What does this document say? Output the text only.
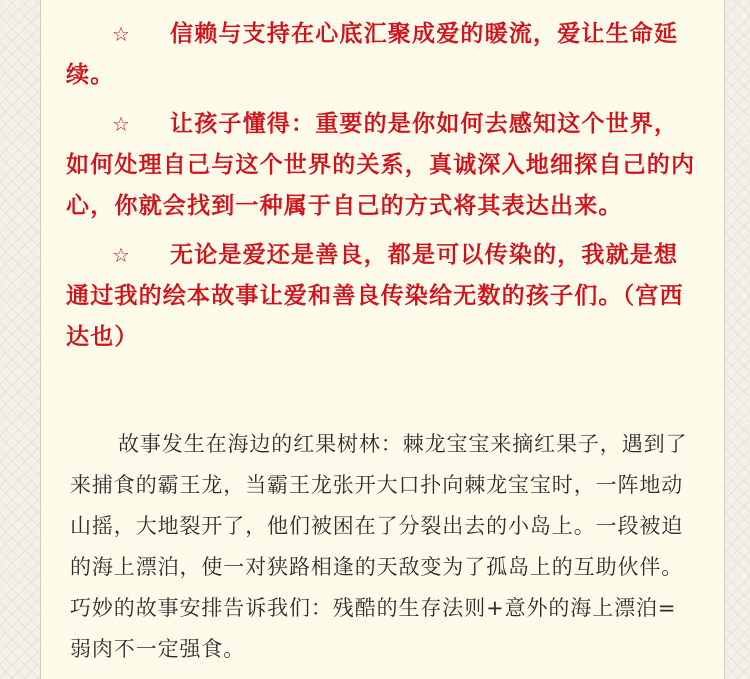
☆ 信赖与支持在心底汇聚成爱的暖流，爱让生命延续。

☆ 让孩子懂得：重要的是你如何去感知这个世界，如何处理自己与这个世界的关系，真诚深入地细探自己的内心，你就会找到一种属于自己的方式将其表达出来。

☆ 无论是爱还是善良，都是可以传染的，我就是想通过我的绘本故事让爱和善良传染给无数的孩子们。（宫西达也）

故事发生在海边的红果树林：棘龙宝宝来摘红果子，遇到了来捕食的霸王龙，当霸王龙张开大口扑向棘龙宝宝时，一阵地动山摇，大地裂开了，他们被困在了分裂出去的小岛上。一段被迫的海上漂泊，使一对狭路相逢的天敌变为了孤岛上的互助伙伴。巧妙的故事安排告诉我们：残酷的生存法则+意外的海上漂泊=弱肉不一定强食。
